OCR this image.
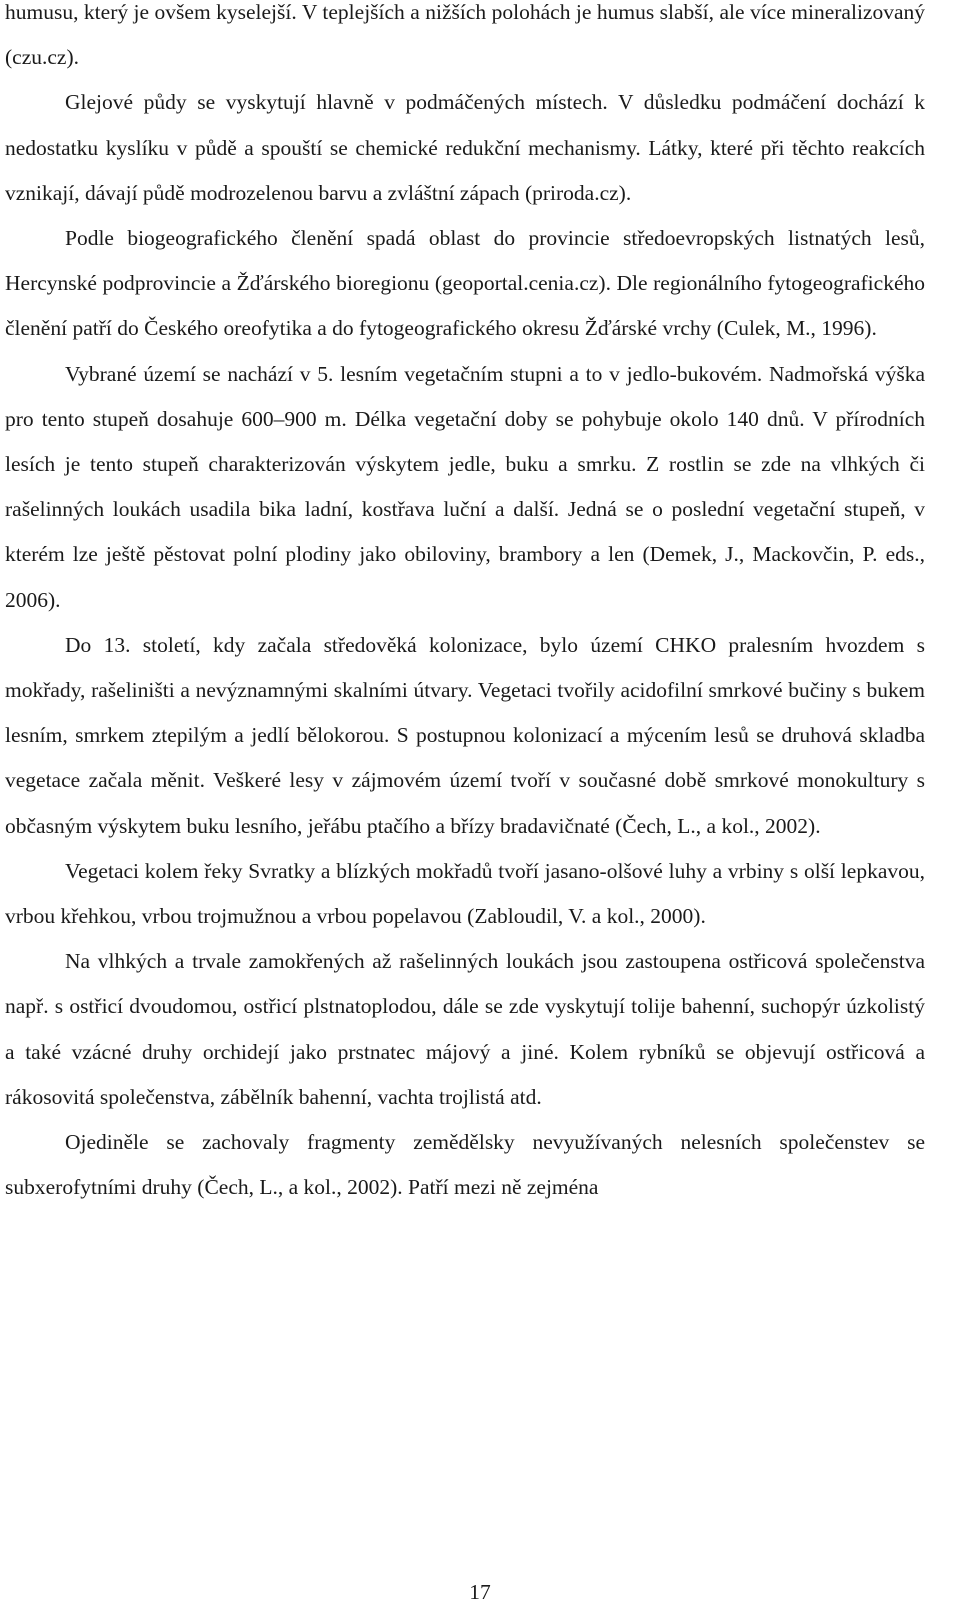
humusu, který je ovšem kyselejší. V teplejších a nižších polohách je humus slabší, ale více mineralizovaný (czu.cz).

Glejové půdy se vyskytují hlavně v podmáčených místech. V důsledku podmáčení dochází k nedostatku kyslíku v půdě a spouští se chemické redukční mechanismy. Látky, které při těchto reakcích vznikají, dávají půdě modrozelenou barvu a zvláštní zápach (priroda.cz).

Podle biogeografického členění spadá oblast do provincie středoevropských listnatých lesů, Hercynské podprovincie a Žďárského bioregionu (geoportal.cenia.cz). Dle regionálního fytogeografického členění patří do Českého oreofytika a do fytogeografického okresu Žďárské vrchy (Culek, M., 1996).

Vybrané území se nachází v 5. lesním vegetačním stupni a to v jedlo-bukovém. Nadmořská výška pro tento stupeň dosahuje 600–900 m. Délka vegetační doby se pohybuje okolo 140 dnů. V přírodních lesích je tento stupeň charakterizován výskytem jedle, buku a smrku. Z rostlin se zde na vlhkých či rašelinných loukách usadila bika ladní, kostřava luční a další. Jedná se o poslední vegetační stupeň, v kterém lze ještě pěstovat polní plodiny jako obiloviny, brambory a len (Demek, J., Mackovčin, P. eds., 2006).

Do 13. století, kdy začala středověká kolonizace, bylo území CHKO pralesním hvozdem s mokřady, rašeliništi a nevýznamnými skalními útvary. Vegetaci tvořily acidofilní smrkové bučiny s bukem lesním, smrkem ztepilým a jedlí bělokorou. S postupnou kolonizací a mýcením lesů se druhová skladba vegetace začala měnit. Veškeré lesy v zájmovém území tvoří v současné době smrkové monokultury s občasným výskytem buku lesního, jeřábu ptačího a břízy bradavičnaté (Čech, L., a kol., 2002).

Vegetaci kolem řeky Svratky a blízkých mokřadů tvoří jasano-olšové luhy a vrbiny s olší lepkavou, vrbou křehkou, vrbou trojmužnou a vrbou popelavou (Zabloudil, V. a kol., 2000).

Na vlhkých a trvale zamokřených až rašelinných loukách jsou zastoupena ostřicová společenstva např. s ostřicí dvoudomou, ostřicí plstnatoplodou, dále se zde vyskytují tolije bahenní, suchopýr úzkolistý a také vzácné druhy orchidejí jako prstnatec májový a jiné. Kolem rybníků se objevují ostřicová a rákosovitá společenstva, zábělník bahenní, vachta trojlistá atd.

Ojediněle se zachovaly fragmenty zemědělsky nevyužívaných nelesních společenstev se subxerofytními druhy (Čech, L., a kol., 2002). Patří mezi ně zejména

17
